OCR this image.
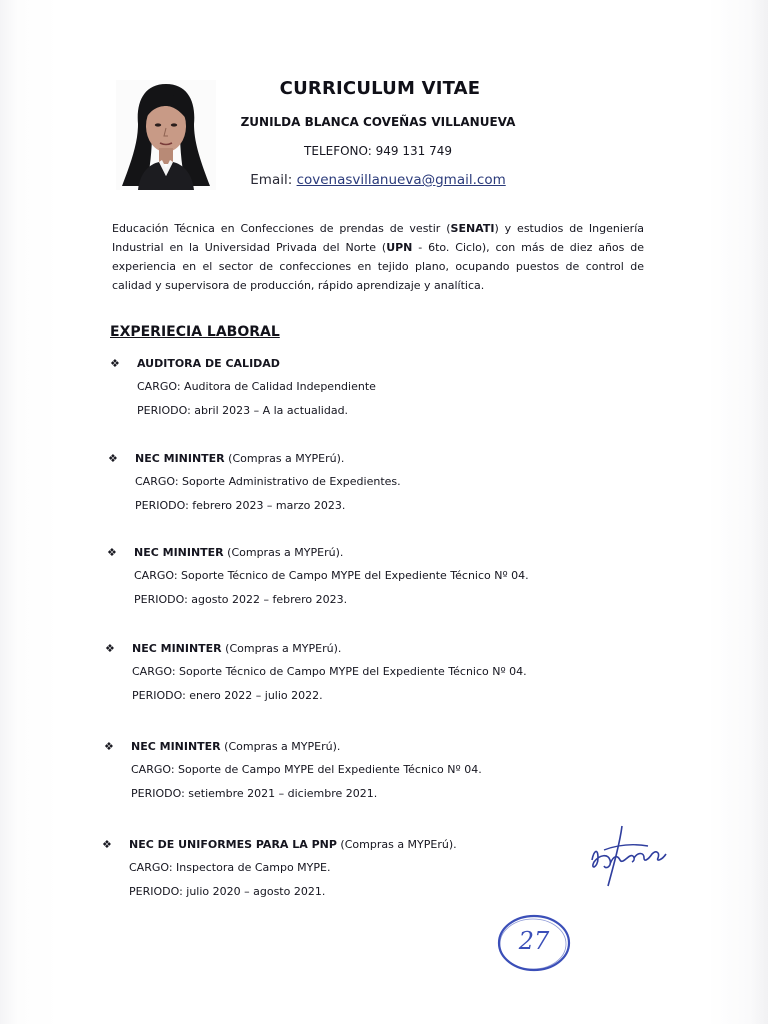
CURRICULUM VITAE
ZUNILDA BLANCA COVEÑAS VILLANUEVA
TELEFONO: 949 131 749
Email: covenasvillanueva@gmail.com
Educación Técnica en Confecciones de prendas de vestir (SENATI) y estudios de Ingeniería Industrial en la Universidad Privada del Norte (UPN - 6to. Ciclo), con más de diez años de experiencia en el sector de confecciones en tejido plano, ocupando puestos de control de calidad y supervisora de producción, rápido aprendizaje y analítica.
EXPERIECIA LABORAL
❖ AUDITORA DE CALIDAD
CARGO: Auditora de Calidad Independiente
PERIODO: abril 2023 – A la actualidad.
❖ NEC MININTER (Compras a MYPErú).
CARGO: Soporte Administrativo de Expedientes.
PERIODO: febrero 2023 – marzo 2023.
❖ NEC MININTER (Compras a MYPErú).
CARGO: Soporte Técnico de Campo MYPE del Expediente Técnico Nº 04.
PERIODO: agosto 2022 – febrero 2023.
❖ NEC MININTER (Compras a MYPErú).
CARGO: Soporte Técnico de Campo MYPE del Expediente Técnico Nº 04.
PERIODO: enero 2022 – julio 2022.
❖ NEC MININTER (Compras a MYPErú).
CARGO: Soporte de Campo MYPE del Expediente Técnico Nº 04.
PERIODO: setiembre 2021 – diciembre 2021.
❖ NEC DE UNIFORMES PARA LA PNP (Compras a MYPErú).
CARGO: Inspectora de Campo MYPE.
PERIODO: julio 2020 – agosto 2021.
27
